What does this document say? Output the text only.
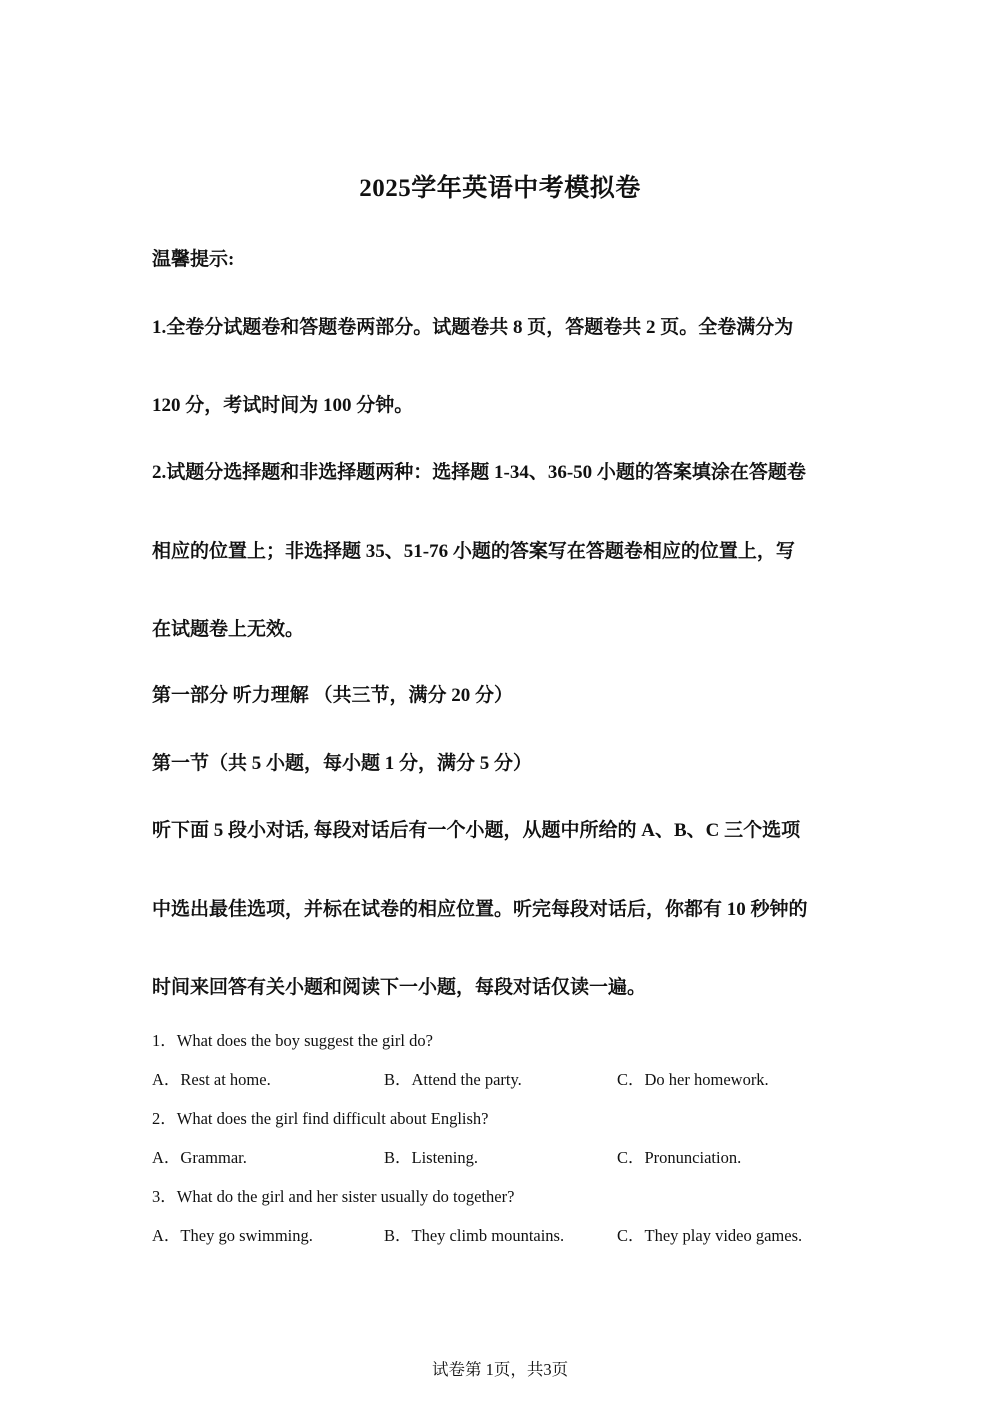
2025学年英语中考模拟卷
温馨提示:
1.全卷分试题卷和答题卷两部分。试题卷共 8 页，答题卷共 2 页。全卷满分为
120 分，考试时间为 100 分钟。
2.试题分选择题和非选择题两种：选择题 1-34、36-50 小题的答案填涂在答题卷
相应的位置上；非选择题 35、51-76 小题的答案写在答题卷相应的位置上，写
在试题卷上无效。
第一部分 听力理解 （共三节，满分 20 分）
第一节（共 5 小题，每小题 1 分，满分 5 分）
听下面 5 段小对话, 每段对话后有一个小题，从题中所给的 A、B、C 三个选项
中选出最佳选项，并标在试卷的相应位置。听完每段对话后，你都有 10 秒钟的
时间来回答有关小题和阅读下一小题，每段对话仅读一遍。
1．What does the boy suggest the girl do?
A．Rest at home.	B．Attend the party.	C．Do her homework.
2．What does the girl find difficult about English?
A．Grammar.	B．Listening.	C．Pronunciation.
3．What do the girl and her sister usually do together?
A．They go swimming.	B．They climb mountains.	C．They play video games.
试卷第 1页，共3页
